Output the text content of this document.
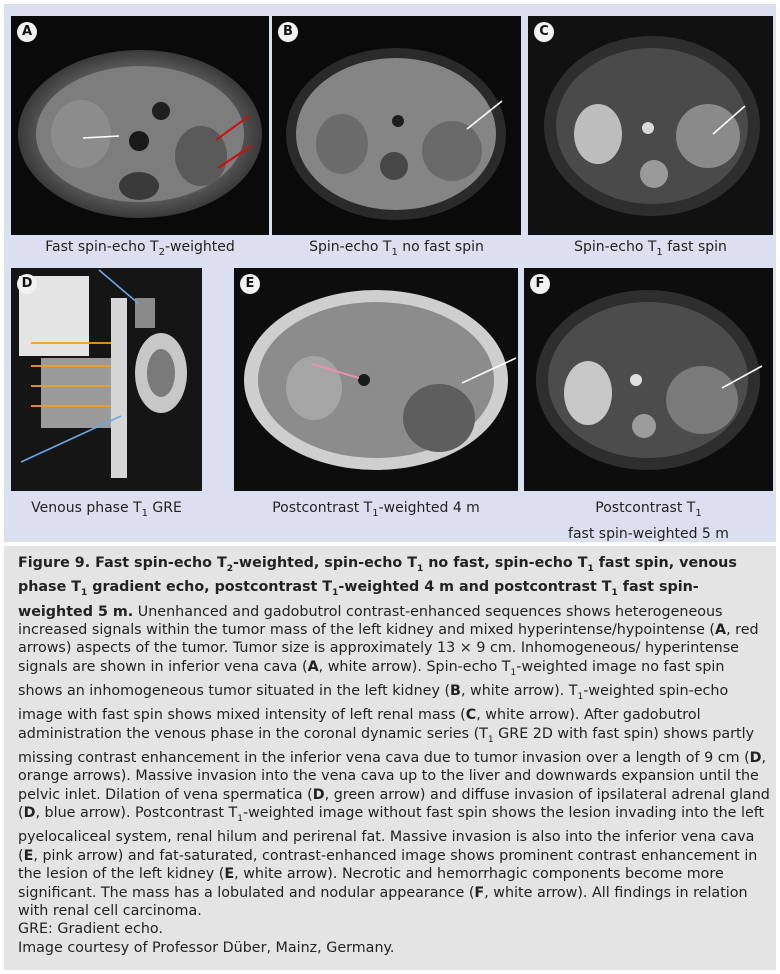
A
Fast spin-echo $T_2$-weighted
B
Spin-echo $T_1$ no fast spin
C
Spin-echo $T_1$ fast spin
D
Venous phase $T_1$ GRE
E
Postcontrast $T_1$-weighted 4 m
F
Postcontrast $T_1$
fast spin-weighted 5 m
Figure 9. Fast spin-echo $T_2$-weighted, spin-echo $T_1$ no fast, spin-echo $T_1$ fast spin, venous phase $T_1$ gradient echo, postcontrast $T_1$-weighted 4 m and postcontrast $T_1$ fast spin-weighted 5 m. Unenhanced and gadobutrol contrast-enhanced sequences shows heterogeneous increased signals within the tumor mass of the left kidney and mixed hyperintense/hypointense (A, red arrows) aspects of the tumor. Tumor size is approximately 13 × 9 cm. Inhomogeneous/ hyperintense signals are shown in inferior vena cava (A, white arrow). Spin-echo $T_1$-weighted image no fast spin shows an inhomogeneous tumor situated in the left kidney (B, white arrow). $T_1$-weighted spin-echo image with fast spin shows mixed intensity of left renal mass (C, white arrow). After gadobutrol administration the venous phase in the coronal dynamic series ($T_1$ GRE 2D with fast spin) shows partly missing contrast enhancement in the inferior vena cava due to tumor invasion over a length of 9 cm (D, orange arrows). Massive invasion into the vena cava up to the liver and downwards expansion until the pelvic inlet. Dilation of vena spermatica (D, green arrow) and diffuse invasion of ipsilateral adrenal gland (D, blue arrow). Postcontrast $T_1$-weighted image without fast spin shows the lesion invading into the left pyelocaliceal system, renal hilum and perirenal fat. Massive invasion is also into the inferior vena cava (E, pink arrow) and fat-saturated, contrast-enhanced image shows prominent contrast enhancement in the lesion of the left kidney (E, white arrow). Necrotic and hemorrhagic components become more significant. The mass has a lobulated and nodular appearance (F, white arrow). All findings in relation with renal cell carcinoma.
GRE: Gradient echo.
Image courtesy of Professor Düber, Mainz, Germany.
